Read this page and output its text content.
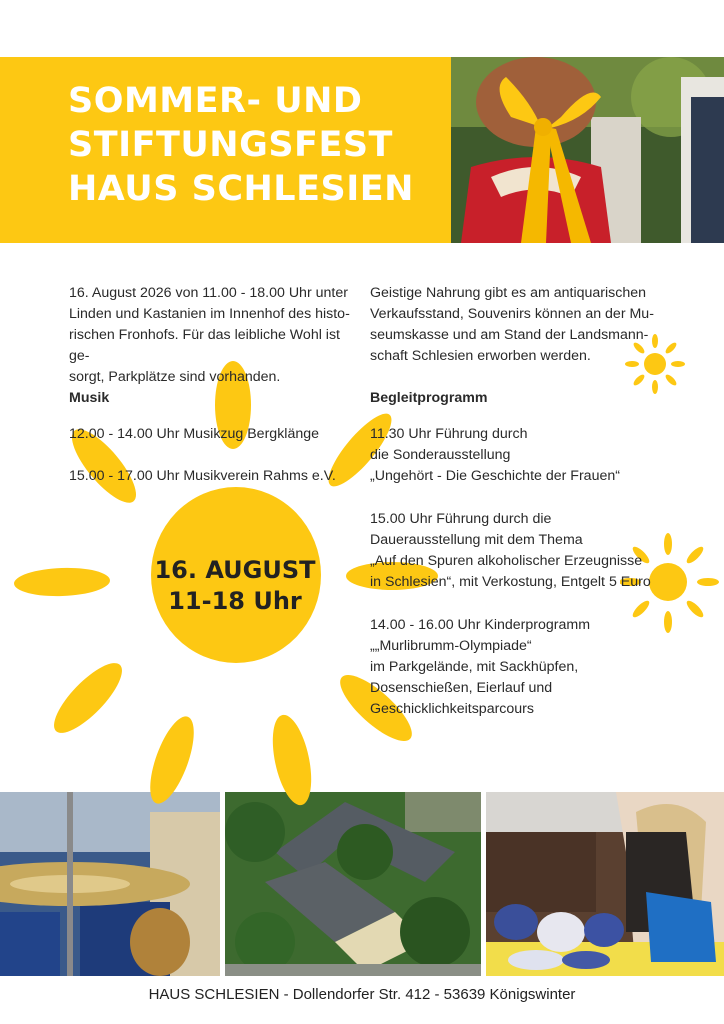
SOMMER- UND
STIFTUNGSFEST
HAUS SCHLESIEN

16. August 2026 von 11.00 - 18.00 Uhr unter

Linden und Kastanien im Innenhof des histo-

rischen Fronhofs. Für das leibliche Wohl ist ge-

sorgt, Parkplätze sind vorhanden.

Geistige Nahrung gibt es am antiquarischen

Verkaufsstand, Souvenirs können an der Mu-

seumskasse und am Stand der Landsmann-

schaft Schlesien erworben werden.

Musik

12.00 - 14.00 Uhr Musikzug Bergklänge

15.00 - 17.00 Uhr Musikverein Rahms e.V.

Begleitprogramm

11.30 Uhr Führung durch

die Sonderausstellung

„Ungehört - Die Geschichte der Frauen“

15.00 Uhr Führung durch die

Dauerausstellung mit dem Thema

„Auf den Spuren alkoholischer Erzeugnisse

in Schlesien“, mit Verkostung, Entgelt 5 Euro

14.00 - 16.00 Uhr Kinderprogramm

„„Murlibrumm-Olympiade“

im Parkgelände, mit Sackhüpfen,

Dosenschießen, Eierlauf und

Geschicklichkeitsparcours

16. AUGUST
11-18 Uhr
HAUS SCHLESIEN - Dollendorfer Str. 412 - 53639 Königswinter
